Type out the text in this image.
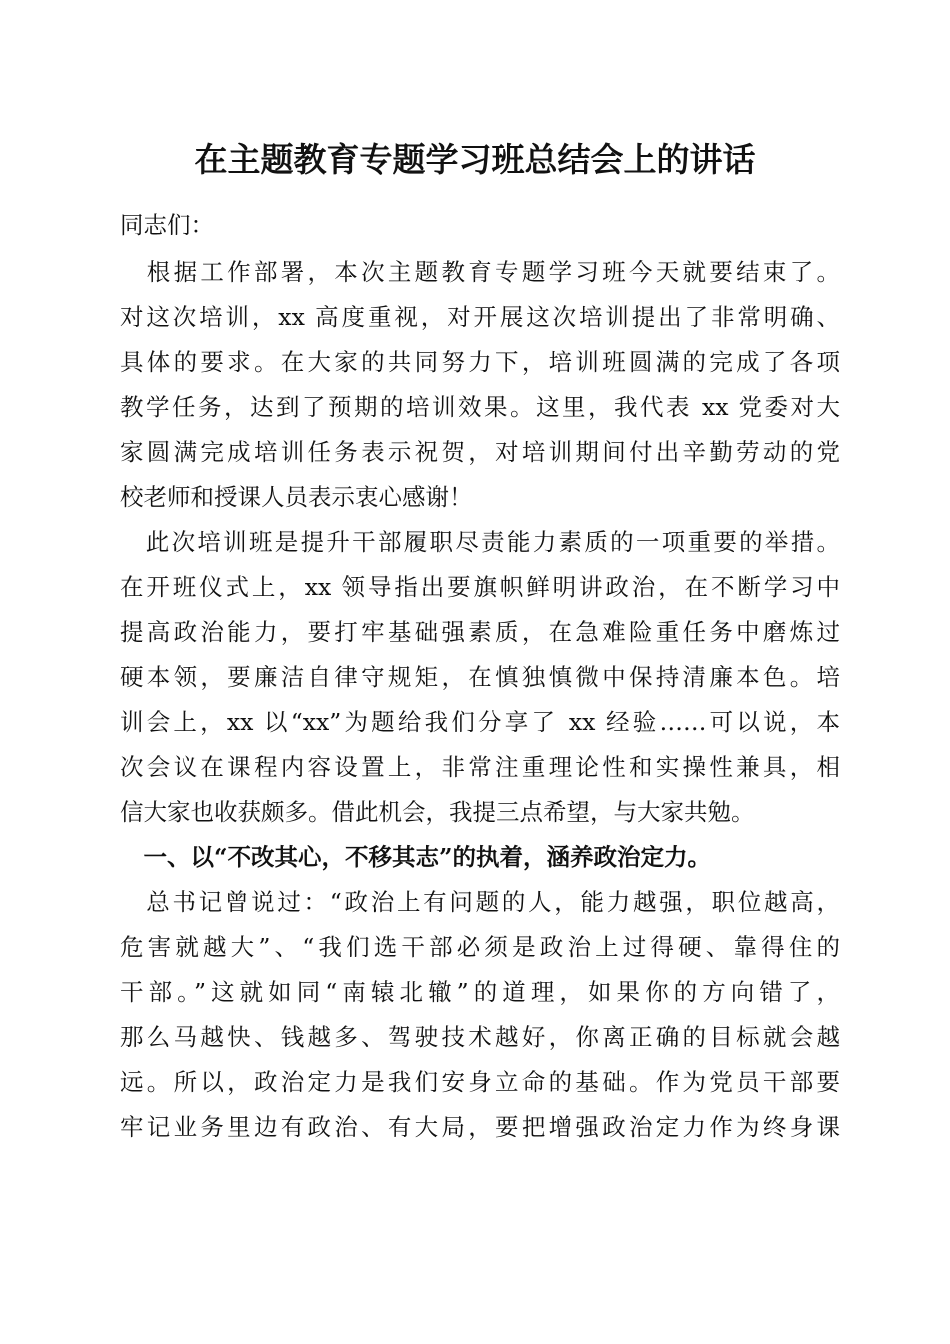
在主题教育专题学习班总结会上的讲话
同志们：
　根据工作部署，本次主题教育专题学习班今天就要结束了。
对这次培训，xx 高度重视，对开展这次培训提出了非常明确、
具体的要求。在大家的共同努力下，培训班圆满的完成了各项
教学任务，达到了预期的培训效果。这里，我代表 xx 党委对大
家圆满完成培训任务表示祝贺，对培训期间付出辛勤劳动的党
校老师和授课人员表示衷心感谢！
　此次培训班是提升干部履职尽责能力素质的一项重要的举措。
在开班仪式上，xx 领导指出要旗帜鲜明讲政治，在不断学习中
提高政治能力，要打牢基础强素质，在急难险重任务中磨炼过
硬本领，要廉洁自律守规矩，在慎独慎微中保持清廉本色。培
训会上，xx 以“xx”为题给我们分享了 xx 经验……可以说，本
次会议在课程内容设置上，非常注重理论性和实操性兼具，相
信大家也收获颇多。借此机会，我提三点希望，与大家共勉。
　一、以“不改其心，不移其志”的执着，涵养政治定力。
　总书记曾说过：“政治上有问题的人，能力越强，职位越高，
危害就越大”、“我们选干部必须是政治上过得硬、靠得住的
干部。”这就如同“南辕北辙”的道理，如果你的方向错了，
那么马越快、钱越多、驾驶技术越好，你离正确的目标就会越
远。所以，政治定力是我们安身立命的基础。作为党员干部要
牢记业务里边有政治、有大局，要把增强政治定力作为终身课
